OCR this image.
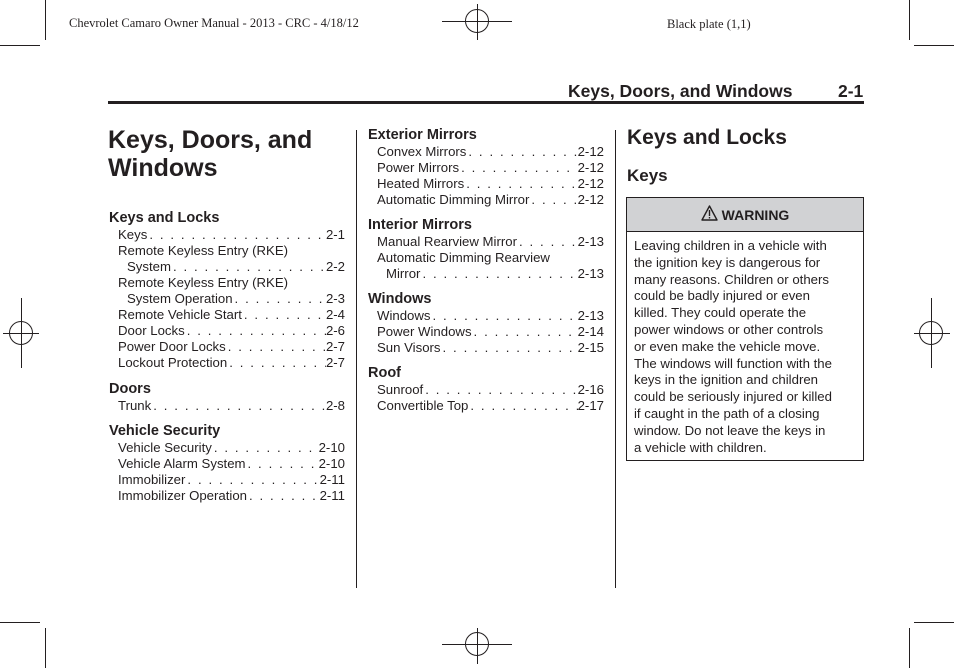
Chevrolet Camaro Owner Manual - 2013 - CRC - 4/18/12	Black plate (1,1)
Keys, Doors, and Windows	2-1
Keys, Doors, and
Windows
Keys and Locks
Keys . . .	2-1
Remote Keyless Entry (RKE)
System . . .	2-2
Remote Keyless Entry (RKE)
System Operation . . .	2-3
Remote Vehicle Start . . .	2-4
Door Locks . . .	2-6
Power Door Locks . . .	2-7
Lockout Protection . . .	2-7
Doors
Trunk . . .	2-8
Vehicle Security
Vehicle Security . . .	2-10
Vehicle Alarm System . . .	2-10
Immobilizer . . .	2-11
Immobilizer Operation . . .	2-11
Exterior Mirrors
Convex Mirrors . . .	2-12
Power Mirrors . . .	2-12
Heated Mirrors . . .	2-12
Automatic Dimming Mirror . . .	2-12
Interior Mirrors
Manual Rearview Mirror . . .	2-13
Automatic Dimming Rearview
Mirror . . .	2-13
Windows
Windows . . .	2-13
Power Windows . . .	2-14
Sun Visors . . .	2-15
Roof
Sunroof . . .	2-16
Convertible Top . . .	2-17
Keys and Locks
Keys
WARNING
Leaving children in a vehicle with
the ignition key is dangerous for
many reasons. Children or others
could be badly injured or even
killed. They could operate the
power windows or other controls
or even make the vehicle move.
The windows will function with the
keys in the ignition and children
could be seriously injured or killed
if caught in the path of a closing
window. Do not leave the keys in
a vehicle with children.
